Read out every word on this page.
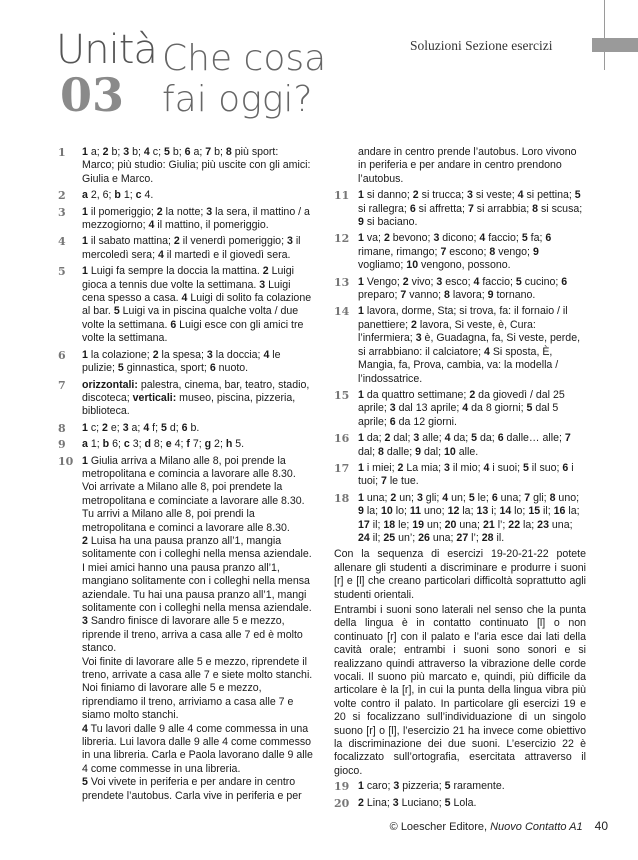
Soluzioni Sezione esercizi
Unità
03
Che cosa
fai oggi?
1	1 a; 2 b; 3 b; 4 c; 5 b; 6 a; 7 b; 8 più sport: Marco; più studio: Giulia; più uscite con gli amici: Giulia e Marco.
2	a 2, 6; b 1; c 4.
3	1 il pomeriggio; 2 la notte; 3 la sera, il mattino / a mezzogiorno; 4 il mattino, il pomeriggio.
4	1 il sabato mattina; 2 il venerdì pomeriggio; 3 il mercoledì sera; 4 il martedì e il giovedì sera.
5	1 Luigi fa sempre la doccia la mattina. 2 Luigi gioca a tennis due volte la settimana. 3 Luigi cena spesso a casa. 4 Luigi di solito fa colazione al bar. 5 Luigi va in piscina qualche volta / due volte la settimana. 6 Luigi esce con gli amici tre volte la settimana.
6	1 la colazione; 2 la spesa; 3 la doccia; 4 le pulizie; 5 ginnastica, sport; 6 nuoto.
7	orizzontali: palestra, cinema, bar, teatro, stadio, discoteca; verticali: museo, piscina, pizzeria, biblioteca.
8	1 c; 2 e; 3 a; 4 f; 5 d; 6 b.
9	a 1; b 6; c 3; d 8; e 4; f 7; g 2; h 5.
10 1 Giulia arriva a Milano alle 8, poi prende la metropolitana e comincia a lavorare alle 8.30.

Voi arrivate a Milano alle 8, poi prendete la metropolitana e cominciate a lavorare alle 8.30.

Tu arrivi a Milano alle 8, poi prendi la metropolitana e cominci a lavorare alle 8.30.

2 Luisa ha una pausa pranzo all’1, mangia solitamente con i colleghi nella mensa aziendale.

I miei amici hanno una pausa pranzo all’1, mangiano solitamente con i colleghi nella mensa aziendale. Tu hai una pausa pranzo all’1, mangi solitamente con i colleghi nella mensa aziendale.

3 Sandro finisce di lavorare alle 5 e mezzo, riprende il treno, arriva a casa alle 7 ed è molto stanco.

Voi finite di lavorare alle 5 e mezzo, riprendete il treno, arrivate a casa alle 7 e siete molto stanchi.

Noi finiamo di lavorare alle 5 e mezzo, riprendiamo il treno, arriviamo a casa alle 7 e siamo molto stanchi.

4 Tu lavori dalle 9 alle 4 come commessa in una libreria. Lui lavora dalle 9 alle 4 come commesso in una libreria. Carla e Paola lavorano dalle 9 alle 4 come commesse in una libreria.

5 Voi vivete in periferia e per andare in centro prendete l’autobus. Carla vive in periferia e per

andare in centro prende l’autobus. Loro vivono in periferia e per andare in centro prendono l’autobus.
11 1 si danno; 2 si trucca; 3 si veste; 4 si pettina; 5 si rallegra; 6 si affretta; 7 si arrabbia; 8 si scusa; 9 si baciano.
12 1 va; 2 bevono; 3 dicono; 4 faccio; 5 fa; 6 rimane, rimango; 7 escono; 8 vengo; 9 vogliamo; 10 vengono, possono.
13 1 Vengo; 2 vivo; 3 esco; 4 faccio; 5 cucino; 6 preparo; 7 vanno; 8 lavora; 9 tornano.
14 1 lavora, dorme, Sta; si trova, fa: il fornaio / il panettiere; 2 lavora, Si veste, è, Cura: l’infermiera; 3 è, Guadagna, fa, Si veste, perde, si arrabbiano: il calciatore; 4 Si sposta, È, Mangia, fa, Prova, cambia, va: la modella / l’indossatrice.
15 1 da quattro settimane; 2 da giovedì / dal 25 aprile; 3 dal 13 aprile; 4 da 8 giorni; 5 dal 5 aprile; 6 da 12 giorni.
16 1 da; 2 dal; 3 alle; 4 da; 5 da; 6 dalle… alle; 7 dal; 8 dalle; 9 dal; 10 alle.
17 1 i miei; 2 La mia; 3 il mio; 4 i suoi; 5 il suo; 6 i tuoi; 7 le tue.
18 1 una; 2 un; 3 gli; 4 un; 5 le; 6 una; 7 gli; 8 uno; 9 la; 10 lo; 11 uno; 12 la; 13 i; 14 lo; 15 il; 16 la; 17 il; 18 le; 19 un; 20 una; 21 l’; 22 la; 23 una; 24 il; 25 un’; 26 una; 27 l’; 28 il.

Con la sequenza di esercizi 19-20-21-22 potete allenare gli studenti a discriminare e produrre i suoni [r] e [l] che creano particolari difficoltà soprattutto agli studenti orientali.

Entrambi i suoni sono laterali nel senso che la punta della lingua è in contatto continuato [l] o non continuato [r] con il palato e l’aria esce dai lati della cavità orale; entrambi i suoni sono sonori e si realizzano quindi attraverso la vibrazione delle corde vocali. Il suono più marcato e, quindi, più difficile da articolare è la [r], in cui la punta della lingua vibra più volte contro il palato. In particolare gli esercizi 19 e 20 si focalizzano sull’individuazione di un singolo suono [r] o [l], l’esercizio 21 ha invece come obiettivo la discriminazione dei due suoni. L’esercizio 22 è focalizzato sull’ortografia, esercitata attraverso il gioco.

19 1 caro; 3 pizzeria; 5 raramente.
20 2 Lina; 3 Luciano; 5 Lola.
© Loescher Editore, Nuovo Contatto A1 40
